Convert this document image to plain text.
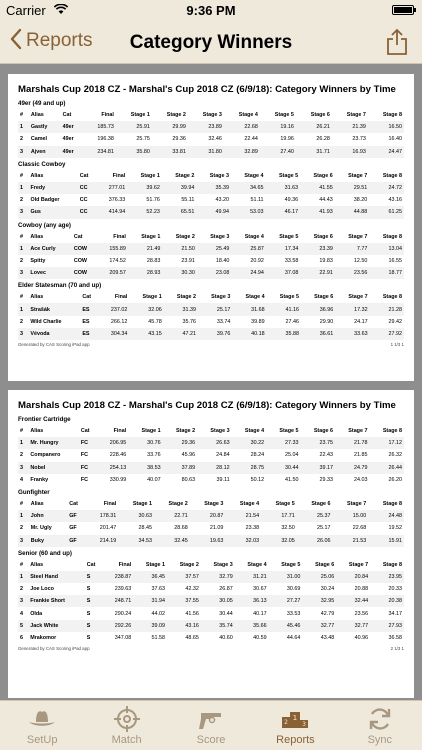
Carrier	9:36 PM
Reports	Category Winners
Marshals Cup 2018 CZ - Marshal's Cup 2018 CZ (6/9/18): Category Winners by Time
49er (49 and up)
#	Alias	Cat	Final	Stage 1	Stage 2	Stage 3	Stage 4	Stage 5	Stage 6	Stage 7	Stage 8
1	Gastly	49er	185.73	25.91	29.99	23.89	22.68	19.16	26.21	21.39	16.50
2	Camel	49er	196.38	25.75	29.36	32.46	22.44	19.96	26.28	23.73	16.40
3	Ajven	49er	234.81	35.80	33.81	31.80	32.89	27.40	31.71	16.93	24.47
Classic Cowboy
#	Alias	Cat	Final	Stage 1	Stage 2	Stage 3	Stage 4	Stage 5	Stage 6	Stage 7	Stage 8
1	Fredy	CC	277.01	39.62	39.94	35.39	34.65	31.63	41.55	29.51	24.72
2	Old Badger	CC	376.33	51.76	55.11	43.20	51.11	49.36	44.43	38.20	43.16
3	Gus	CC	414.94	52.23	65.51	49.94	53.03	46.17	41.93	44.88	61.25
Cowboy (any age)
#	Alias	Cat	Final	Stage 1	Stage 2	Stage 3	Stage 4	Stage 5	Stage 6	Stage 7	Stage 8
1	Ace Curly	COW	155.89	21.49	21.50	25.49	25.87	17.34	23.39	7.77	13.04
2	Spitty	COW	174.52	28.83	23.91	18.40	20.92	33.58	19.83	12.50	16.55
3	Lovec	COW	209.57	28.93	30.30	23.08	24.94	37.08	22.91	23.56	18.77
Elder Statesman (70 and up)
#	Alias	Cat	Final	Stage 1	Stage 2	Stage 3	Stage 4	Stage 5	Stage 6	Stage 7	Stage 8
1	Strašák	ES	237.02	32.06	31.39	25.17	31.68	41.16	36.96	17.32	21.28
2	Wild Charlie	ES	266.12	45.78	35.76	33.74	39.89	27.46	29.90	24.17	29.42
3	Vévoda	ES	304.34	43.15	47.21	39.76	40.18	35.88	36.61	33.63	27.92
Generated by CAS Scoring iPad app	1 1/3 1
Marshals Cup 2018 CZ - Marshal's Cup 2018 CZ (6/9/18): Category Winners by Time
Frontier Cartridge
#	Alias	Cat	Final	Stage 1	Stage 2	Stage 3	Stage 4	Stage 5	Stage 6	Stage 7	Stage 8
1	Mr. Hungry	FC	206.95	30.76	29.36	26.63	30.22	27.33	23.75	21.78	17.12
2	Companero	FC	228.46	33.76	45.96	24.84	28.24	25.04	22.43	21.85	26.32
3	Nobel	FC	254.13	38.53	37.89	28.12	28.75	30.44	39.17	24.79	26.44
4	Franky	FC	330.99	40.07	80.63	39.11	50.12	41.50	29.33	24.03	26.20
Gunfighter
#	Alias	Cat	Final	Stage 1	Stage 2	Stage 3	Stage 4	Stage 5	Stage 6	Stage 7	Stage 8
1	John	GF	178.31	30.63	22.71	20.87	21.54	17.71	25.37	15.00	24.48
2	Mr. Ugly	GF	201.47	28.45	28.68	21.09	23.38	32.50	25.17	22.68	19.52
3	Buky	GF	214.19	34.53	32.45	19.63	32.03	32.05	26.06	21.53	15.91
Senior (60 and up)
#	Alias	Cat	Final	Stage 1	Stage 2	Stage 3	Stage 4	Stage 5	Stage 6	Stage 7	Stage 8
1	Steel Hand	S	238.87	36.45	37.57	32.79	31.21	31.00	25.06	20.84	23.95
2	Joe Loco	S	239.63	37.63	42.32	26.87	30.67	30.69	30.24	20.88	20.33
3	Frankie Short	S	248.71	31.94	37.55	30.05	36.13	27.27	32.95	32.44	20.38
4	Olda	S	290.24	44.02	41.56	30.44	40.17	33.53	42.79	23.56	34.17
5	Jack White	S	292.26	39.09	43.16	35.74	35.66	45.46	32.77	32.77	27.93
6	Mrakomor	S	347.08	51.58	48.65	40.60	40.59	44.64	43.48	40.96	36.58
Generated by CAS Scoring iPad app	2 1/3 1
SetUp	Match	Score
1
2 3
Reports	Sync
